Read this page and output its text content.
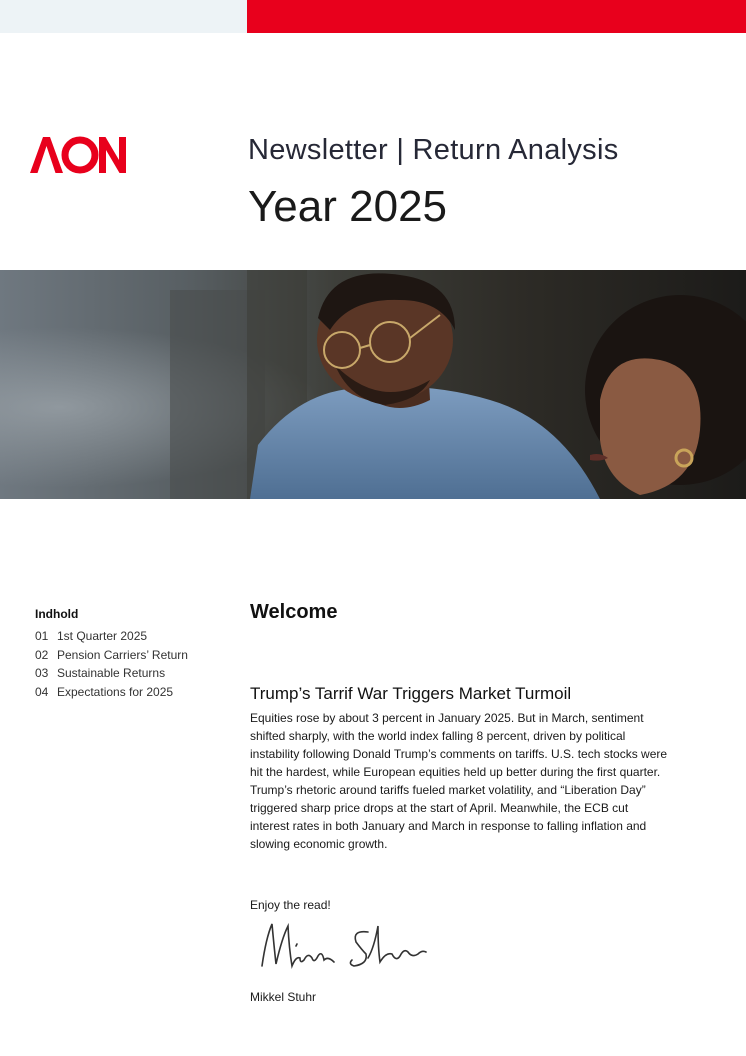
Newsletter | Return Analysis
Year 2025
Indhold
01 1st Quarter 2025
02 Pension Carriers’ Return
03 Sustainable Returns
04 Expectations for 2025
Welcome
Trump’s Tarrif War Triggers Market Turmoil
Equities rose by about 3 percent in January 2025. But in March, sentiment shifted sharply, with the world index falling 8 percent, driven by political instability following Donald Trump’s comments on tariffs. U.S. tech stocks were hit the hardest, while European equities held up better during the first quarter. Trump’s rhetoric around tariffs fueled market volatility, and “Liberation Day” triggered sharp price drops at the start of April. Meanwhile, the ECB cut interest rates in both January and March in response to falling inflation and slowing economic growth.
Enjoy the read!
Mikkel Stuhr
